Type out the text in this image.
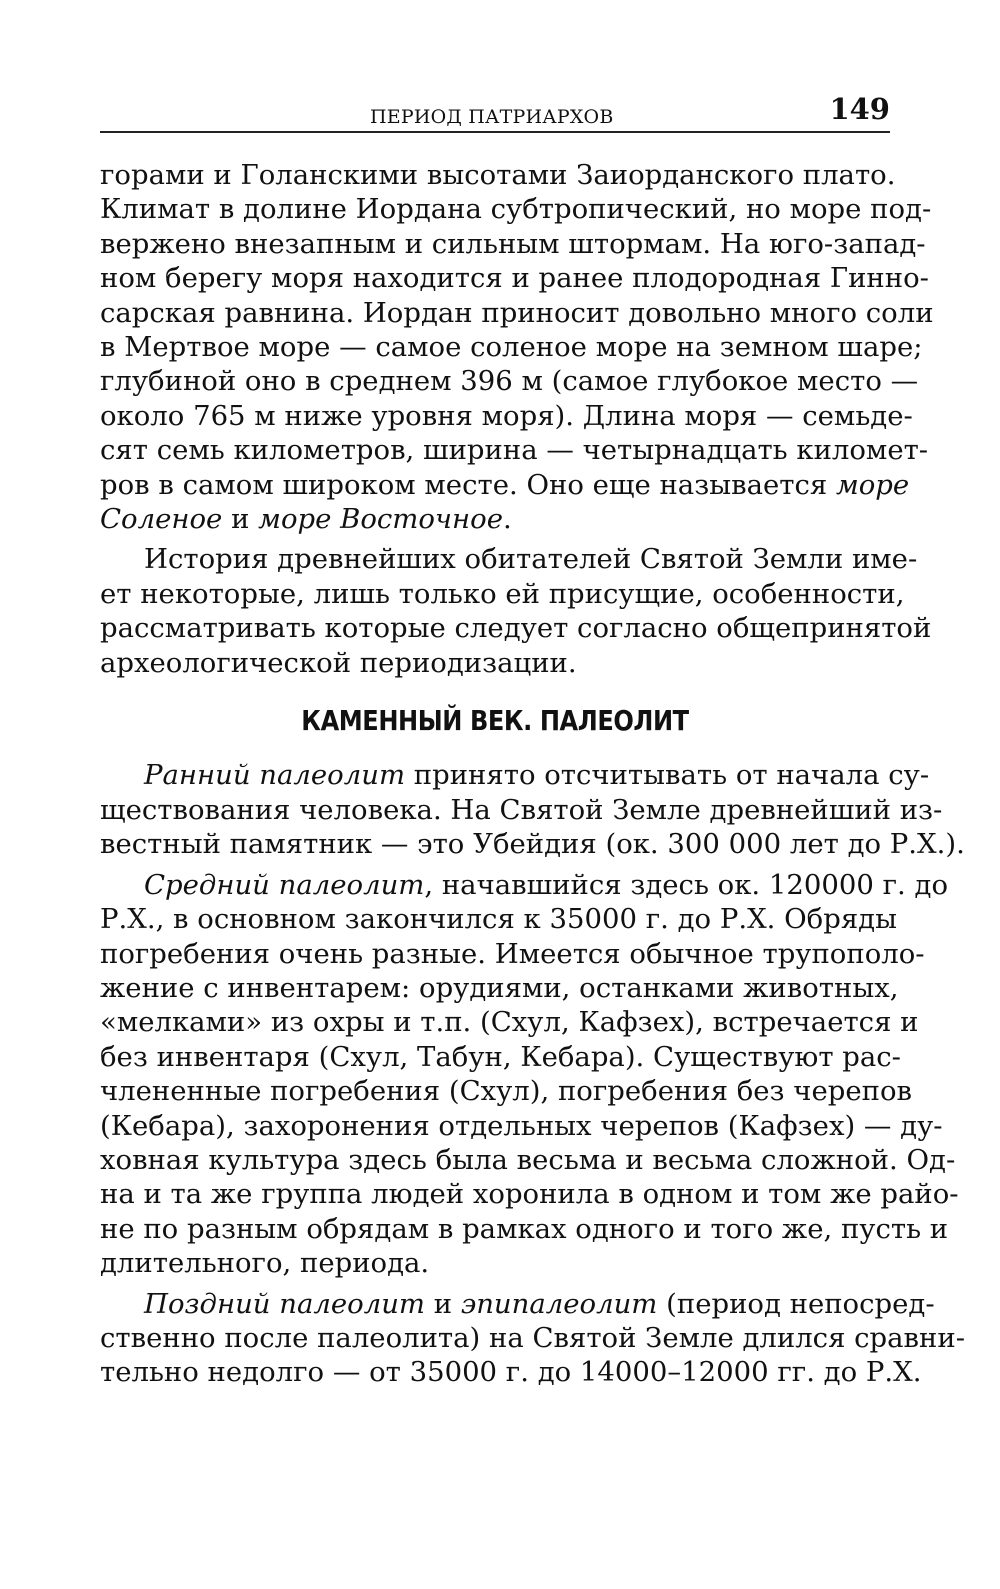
ПЕРИОД ПАТРИАРХОВ	149
горами и Голанскими высотами Заиорданского плато.
Климат в долине Иордана субтропический, но море под-
вержено внезапным и сильным штормам. На юго-запад-
ном берегу моря находится и ранее плодородная Гинно-
сарская равнина. Иордан приносит довольно много соли
в Мертвое море — самое соленое море на земном шаре;
глубиной оно в среднем 396 м (самое глубокое место —
около 765 м ниже уровня моря). Длина моря — семьде-
сят семь километров, ширина — четырнадцать километ-
ров в самом широком месте. Оно еще называется море
Соленое и море Восточное.
История древнейших обитателей Святой Земли име-
ет некоторые, лишь только ей присущие, особенности,
рассматривать которые следует согласно общепринятой
археологической периодизации.
КАМЕННЫЙ ВЕК. ПАЛЕОЛИТ
Ранний палеолит принято отсчитывать от начала су-
ществования человека. На Святой Земле древнейший из-
вестный памятник — это Убейдия (ок. 300 000 лет до Р.Х.).
Средний палеолит, начавшийся здесь ок. 120000 г. до
Р.Х., в основном закончился к 35000 г. до Р.Х. Обряды
погребения очень разные. Имеется обычное трупополо-
жение с инвентарем: орудиями, останками животных,
«мелками» из охры и т.п. (Схул, Кафзех), встречается и
без инвентаря (Схул, Табун, Кебара). Существуют рас-
члененные погребения (Схул), погребения без черепов
(Кебара), захоронения отдельных черепов (Кафзех) — ду-
ховная культура здесь была весьма и весьма сложной. Од-
на и та же группа людей хоронила в одном и том же райо-
не по разным обрядам в рамках одного и того же, пусть и
длительного, периода.
Поздний палеолит и эпипалеолит (период непосред-
ственно после палеолита) на Святой Земле длился сравни-
тельно недолго — от 35000 г. до 14000–12000 гг. до Р.Х.
